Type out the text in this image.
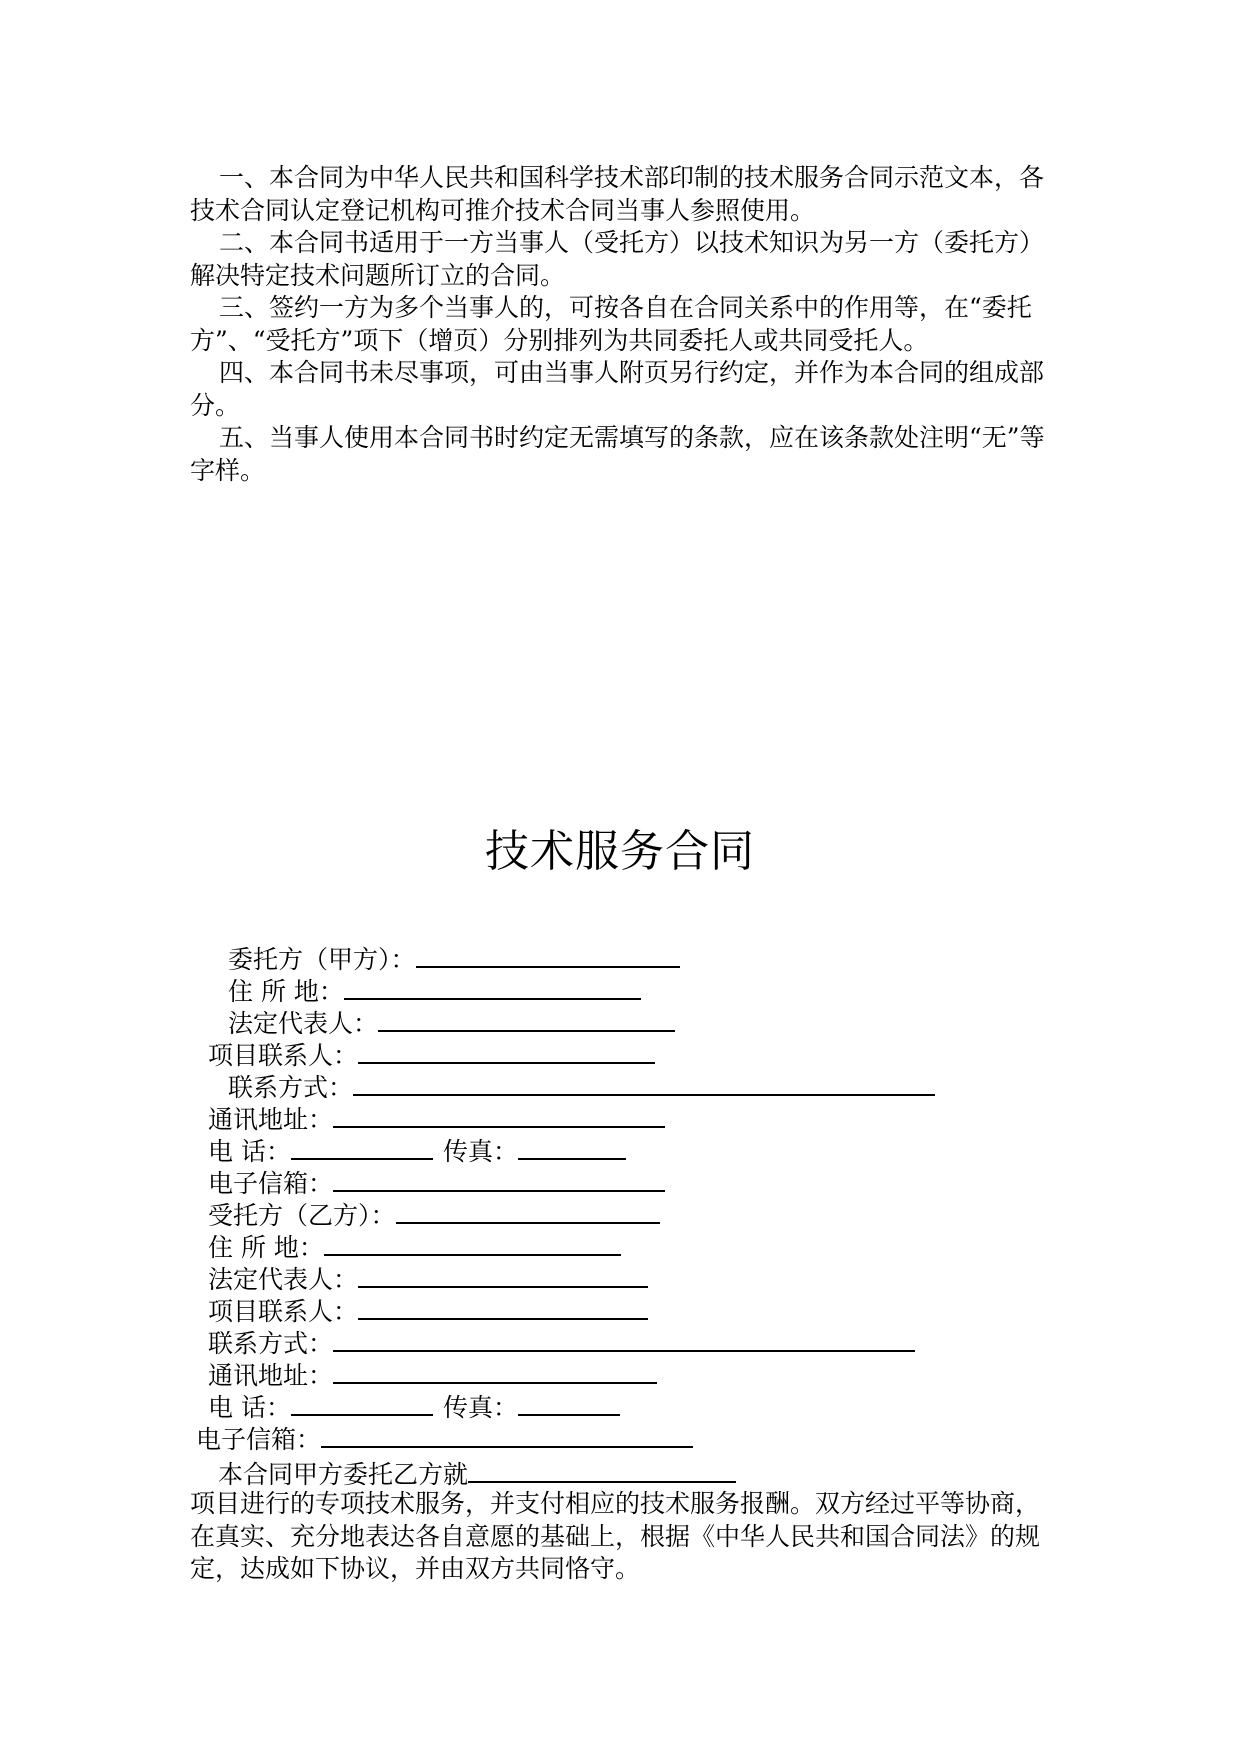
一、本合同为中华人民共和国科学技术部印制的技术服务合同示范文本，各技术合同认定登记机构可推介技术合同当事人参照使用。

二、本合同书适用于一方当事人（受托方）以技术知识为另一方（委托方）解决特定技术问题所订立的合同。

三、签约一方为多个当事人的，可按各自在合同关系中的作用等，在“委托方”、“受托方”项下（增页）分别排列为共同委托人或共同受托人。

四、本合同书未尽事项，可由当事人附页另行约定，并作为本合同的组成部分。

五、当事人使用本合同书时约定无需填写的条款，应在该条款处注明“无”等字样。

技术服务合同
委托方（甲方）：
住 所 地：
法定代表人：
项目联系人：
联系方式：
通讯地址：
电 话：	传真：
电子信箱：
受托方（乙方）：
住 所 地：
法定代表人：
项目联系人：
联系方式：
通讯地址：
电 话：	传真：
电子信箱：
本合同甲方委托乙方就

项目进行的专项技术服务，并支付相应的技术服务报酬。双方经过平等协商，在真实、充分地表达各自意愿的基础上，根据《中华人民共和国合同法》的规定，达成如下协议，并由双方共同恪守。
